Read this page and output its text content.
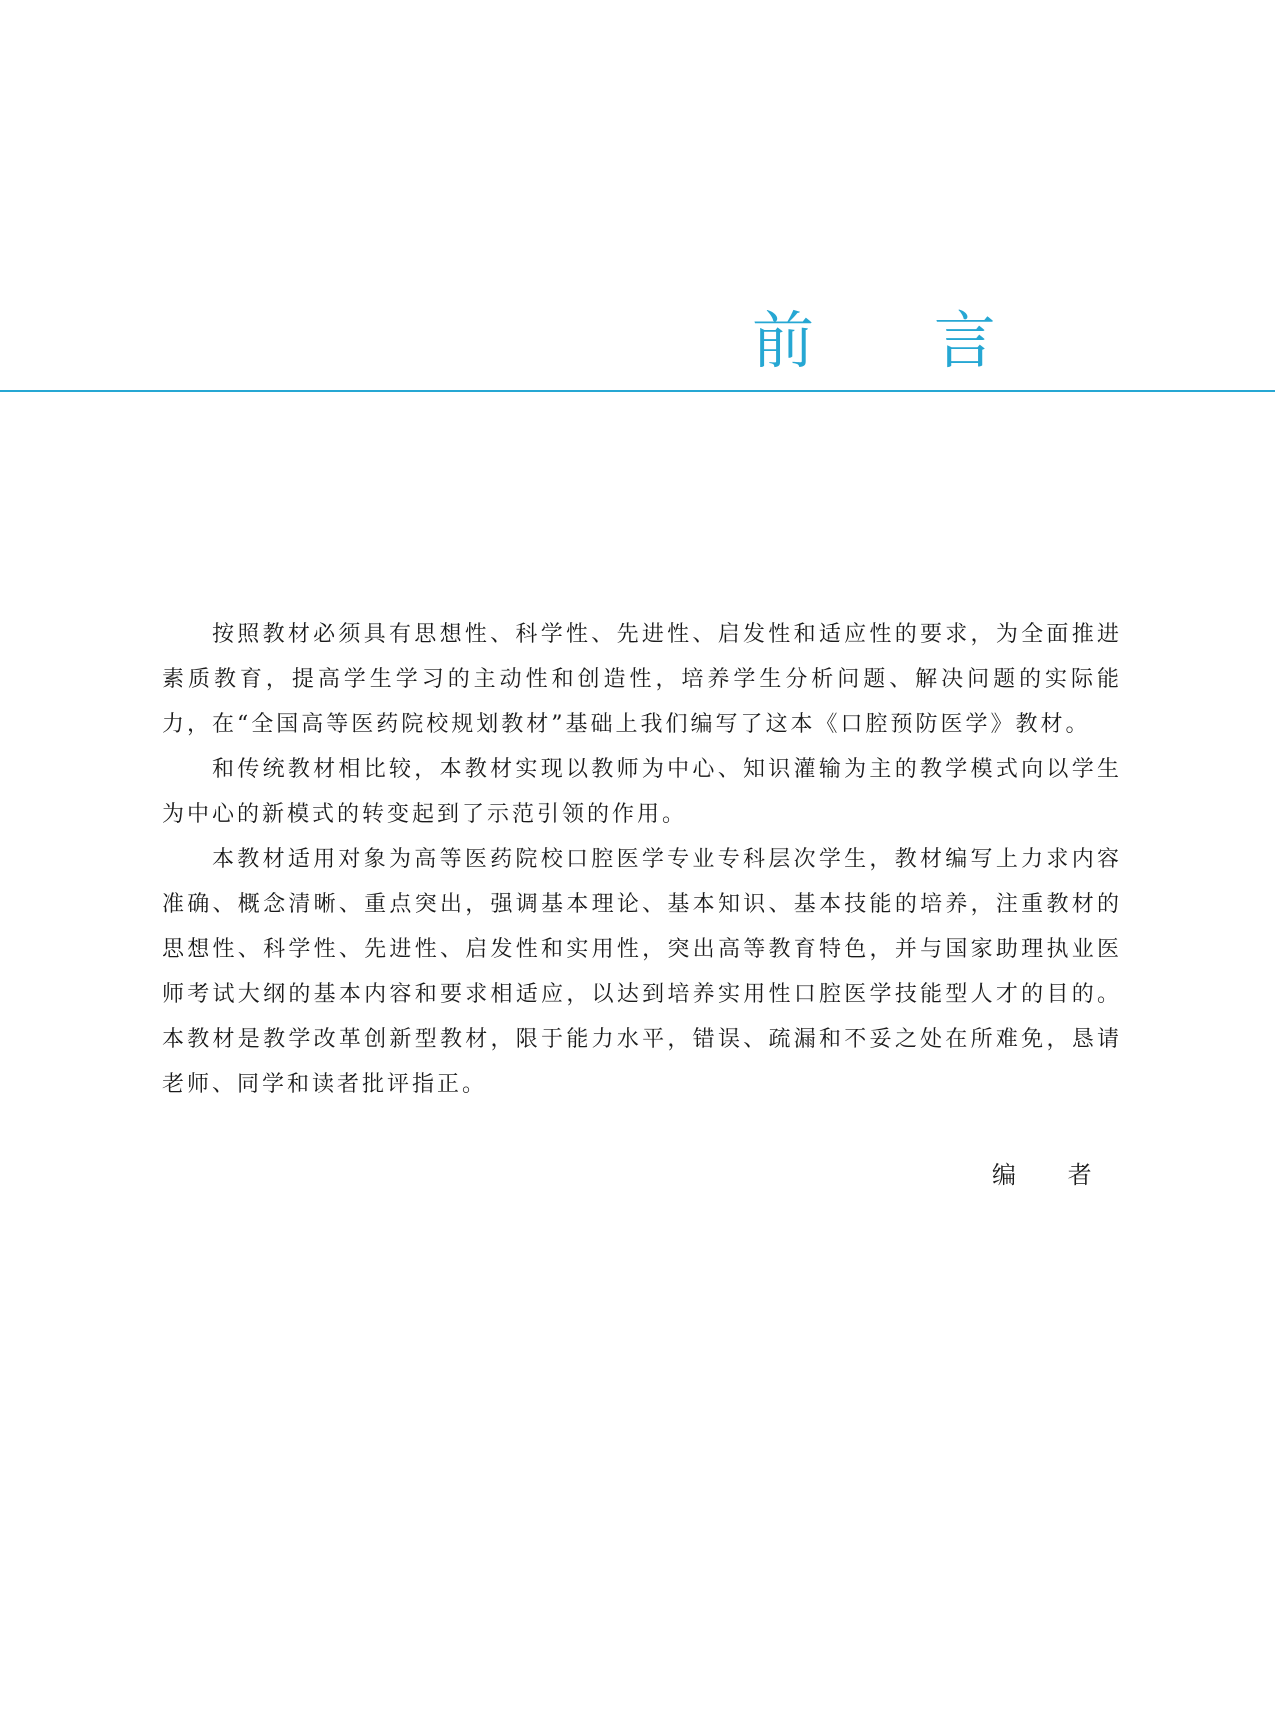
前 言

按照教材必须具有思想性、科学性、先进性、启发性和适应性的要求，为全面推进素质教育，提高学生学习的主动性和创造性，培养学生分析问题、解决问题的实际能力，在“全国高等医药院校规划教材”基础上我们编写了这本《口腔预防医学》教材。

和传统教材相比较，本教材实现以教师为中心、知识灌输为主的教学模式向以学生为中心的新模式的转变起到了示范引领的作用。

本教材适用对象为高等医药院校口腔医学专业专科层次学生，教材编写上力求内容准确、概念清晰、重点突出，强调基本理论、基本知识、基本技能的培养，注重教材的思想性、科学性、先进性、启发性和实用性，突出高等教育特色，并与国家助理执业医师考试大纲的基本内容和要求相适应，以达到培养实用性口腔医学技能型人才的目的。本教材是教学改革创新型教材，限于能力水平，错误、疏漏和不妥之处在所难免，恳请老师、同学和读者批评指正。

编 者
